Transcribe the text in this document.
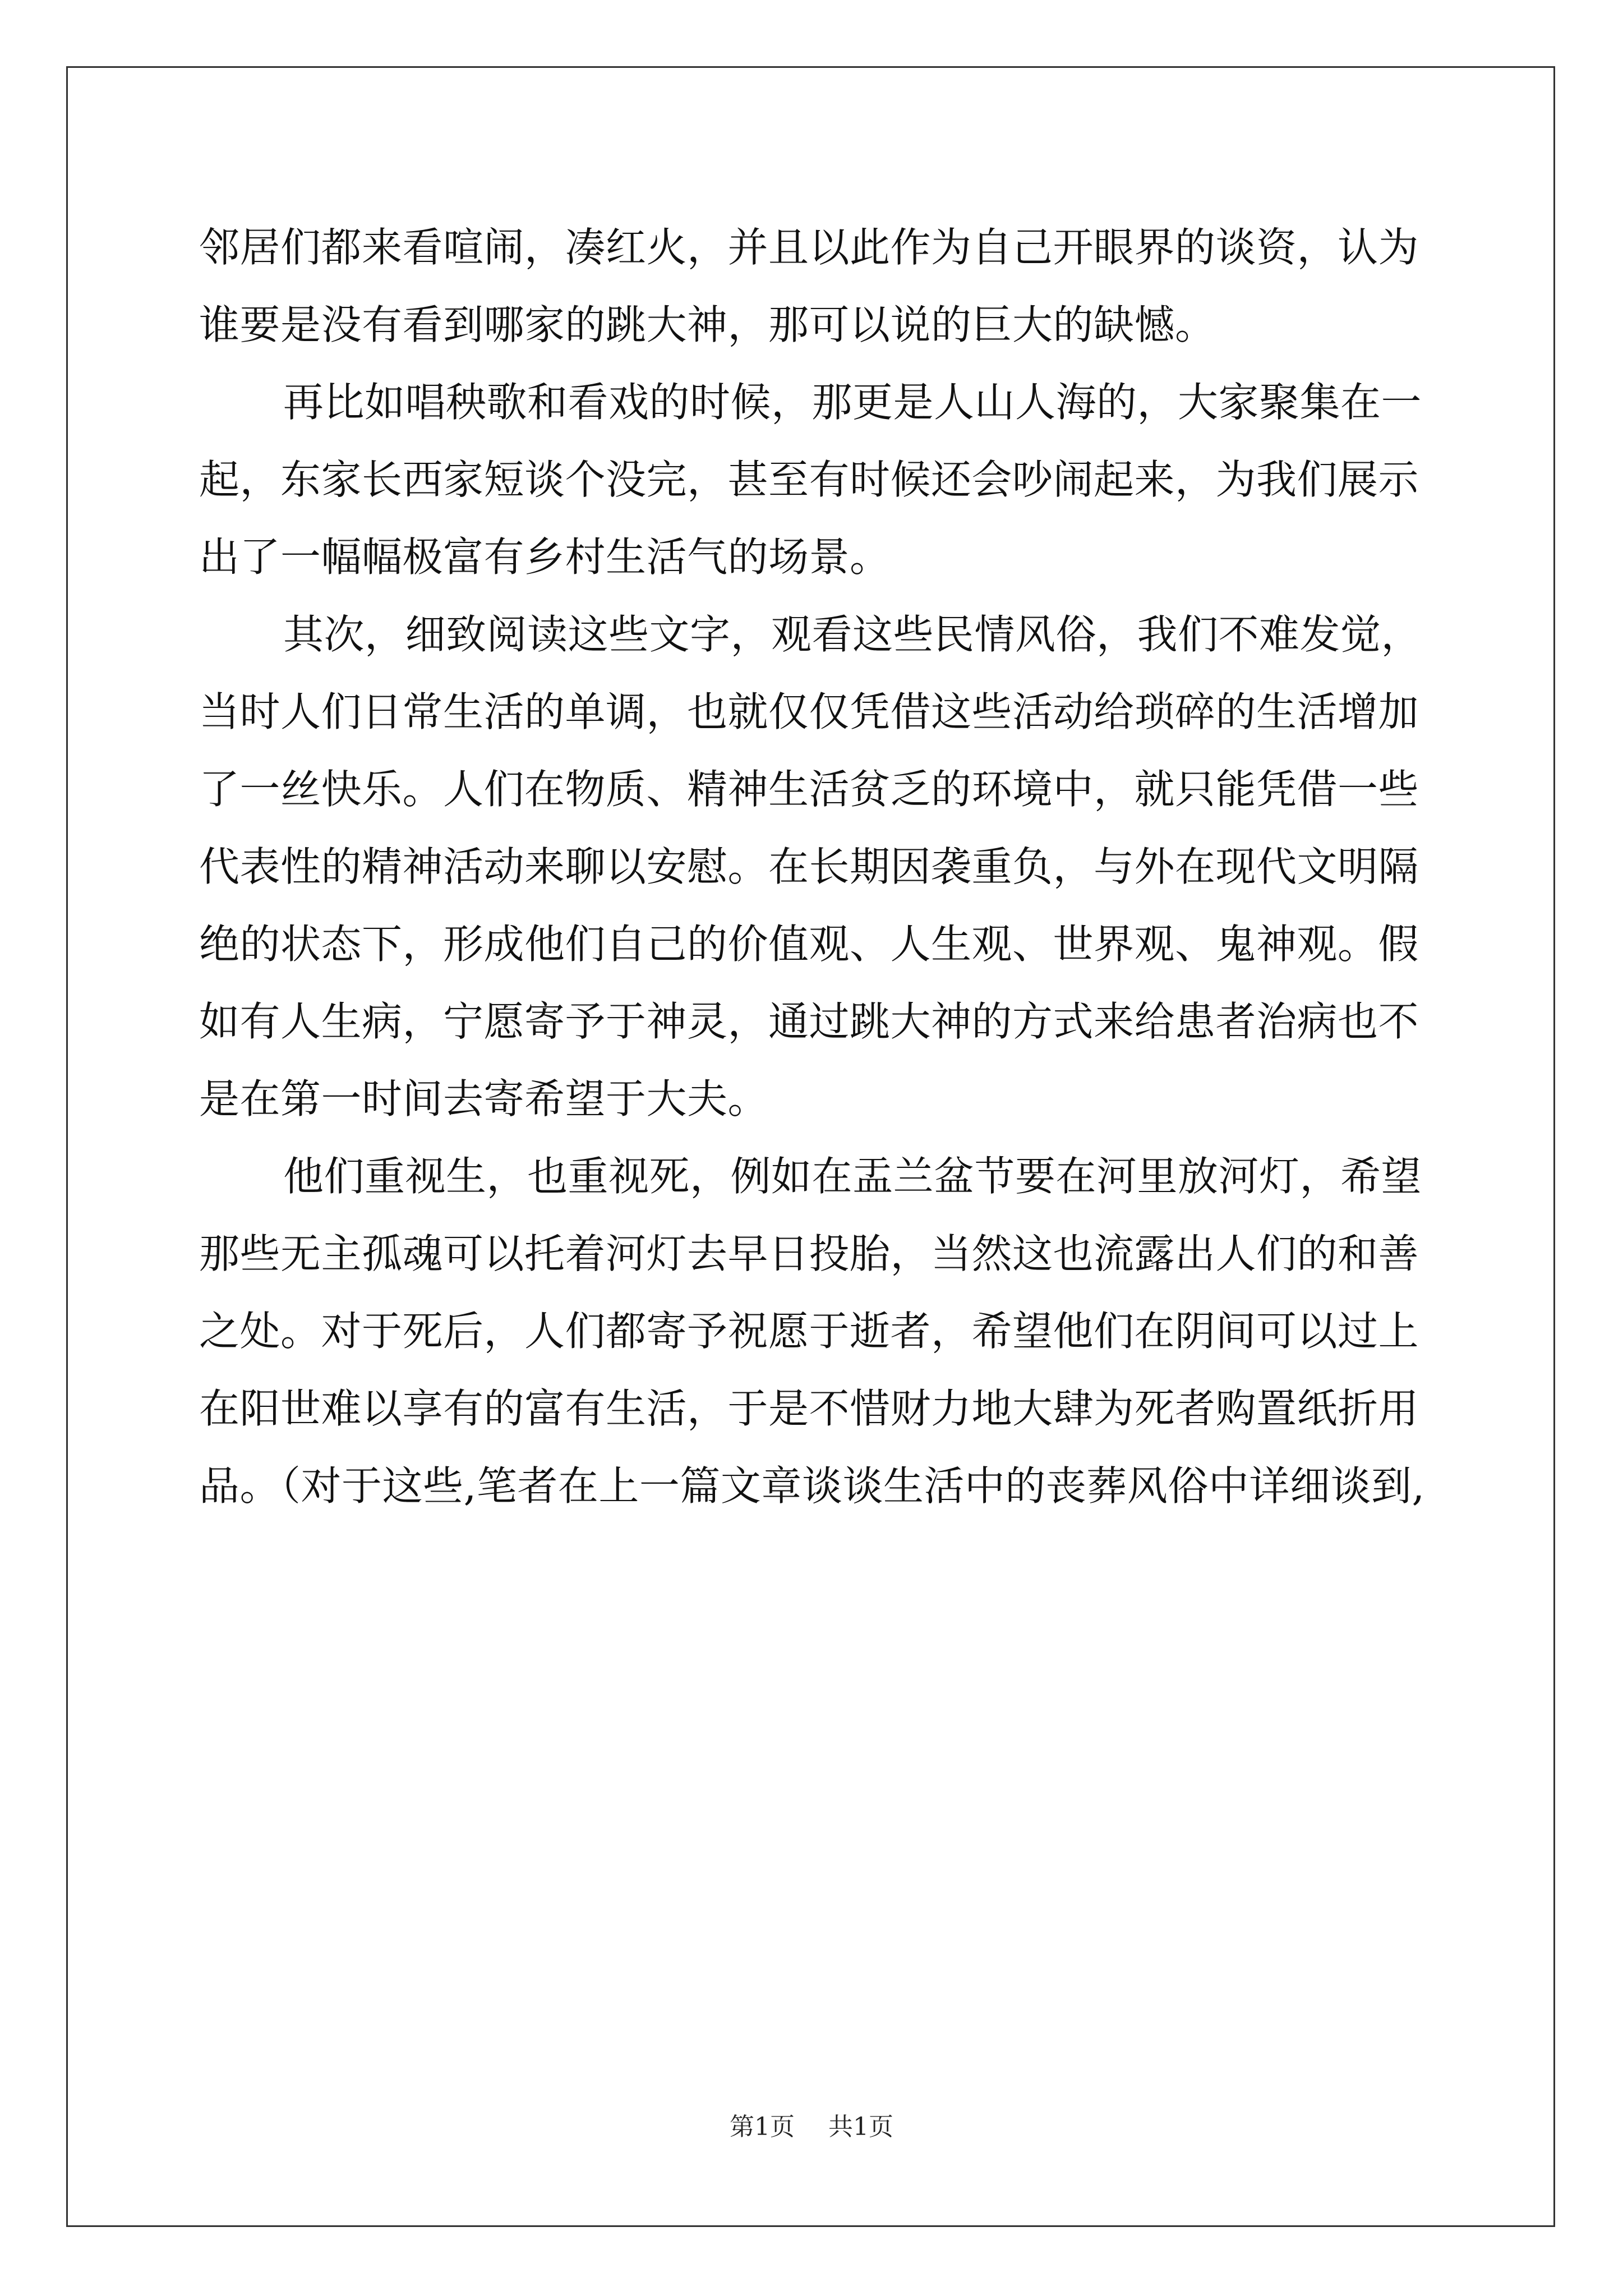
邻居们都来看喧闹，凑红火，并且以此作为自己开眼界的谈资，认为
谁要是没有看到哪家的跳大神，那可以说的巨大的缺憾。
再比如唱秧歌和看戏的时候，那更是人山人海的，大家聚集在一
起，东家长西家短谈个没完，甚至有时候还会吵闹起来，为我们展示
出了一幅幅极富有乡村生活气的场景。
其次，细致阅读这些文字，观看这些民情风俗，我们不难发觉，
当时人们日常生活的单调，也就仅仅凭借这些活动给琐碎的生活增加
了一丝快乐。人们在物质、精神生活贫乏的环境中，就只能凭借一些
代表性的精神活动来聊以安慰。在长期因袭重负，与外在现代文明隔
绝的状态下，形成他们自己的价值观、人生观、世界观、鬼神观。假
如有人生病，宁愿寄予于神灵，通过跳大神的方式来给患者治病也不
是在第一时间去寄希望于大夫。
他们重视生，也重视死，例如在盂兰盆节要在河里放河灯，希望
那些无主孤魂可以托着河灯去早日投胎，当然这也流露出人们的和善
之处。对于死后，人们都寄予祝愿于逝者，希望他们在阴间可以过上
在阳世难以享有的富有生活，于是不惜财力地大肆为死者购置纸折用
品。（对于这些,笔者在上一篇文章谈谈生活中的丧葬风俗中详细谈到,
第1页 共1页
